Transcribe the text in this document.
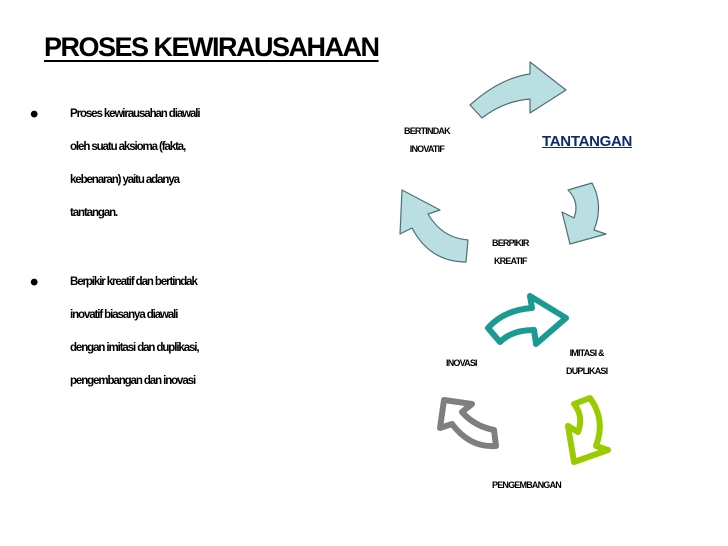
PROSES KEWIRAUSAHAAN
•	Proses kewirausahan diawali
oleh suatu aksioma (fakta,
kebenaran) yaitu adanya
tantangan.
•	Berpikir kreatif dan bertindak
inovatif biasanya diawali
dengan imitasi dan duplikasi,
pengembangan dan inovasi
BERTINDAK
INOVATIF	TANTANGAN
BERPIKIR
KREATIF
IMITASI &
DUPLIKASI
INOVASI
PENGEMBANGAN
